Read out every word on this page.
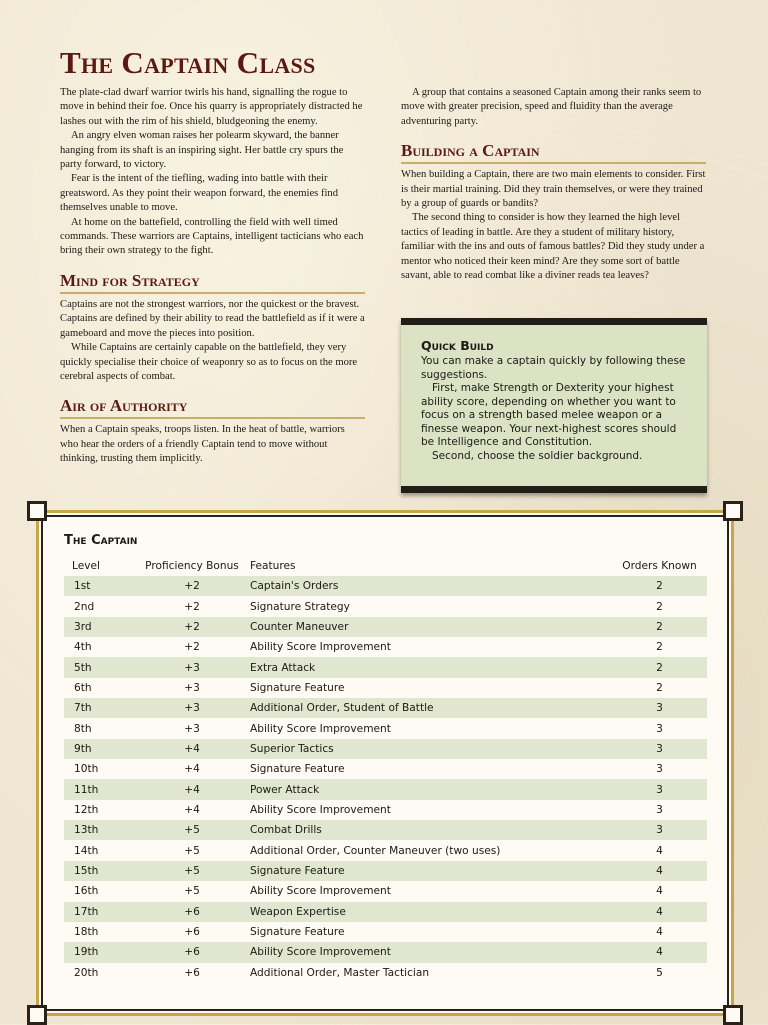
The Captain Class

The plate-clad dwarf warrior twirls his hand, signalling the rogue to move in behind their foe. Once his quarry is appropriately distracted he lashes out with the rim of his shield, bludgeoning the enemy.

An angry elven woman raises her polearm skyward, the banner hanging from its shaft is an inspiring sight. Her battle cry spurs the party forward, to victory.

Fear is the intent of the tiefling, wading into battle with their greatsword. As they point their weapon forward, the enemies find themselves unable to move.

At home on the battefield, controlling the field with well timed commands. These warriors are Captains, intelligent tacticians who each bring their own strategy to the fight.

Mind for Strategy

Captains are not the strongest warriors, nor the quickest or the bravest. Captains are defined by their ability to read the battlefield as if it were a gameboard and move the pieces into position.

While Captains are certainly capable on the battlefield, they very quickly specialise their choice of weaponry so as to focus on the more cerebral aspects of combat.

Air of Authority

When a Captain speaks, troops listen. In the heat of battle, warriors who hear the orders of a friendly Captain tend to move without thinking, trusting them implicitly.

A group that contains a seasoned Captain among their ranks seem to move with greater precision, speed and fluidity than the average adventuring party.

Building a Captain

When building a Captain, there are two main elements to consider. First is their martial training. Did they train themselves, or were they trained by a group of guards or bandits?

The second thing to consider is how they learned the high level tactics of leading in battle. Are they a student of military history, familiar with the ins and outs of famous battles? Did they study under a mentor who noticed their keen mind? Are they some sort of battle savant, able to read combat like a diviner reads tea leaves?

Quick Build

You can make a captain quickly by following these suggestions.

First, make Strength or Dexterity your highest ability score, depending on whether you want to focus on a strength based melee weapon or a finesse weapon. Your next-highest scores should be Intelligence and Constitution.

Second, choose the soldier background.

The Captain
Level	Proficiency Bonus	Features	Orders Known
1st	+2	Captain's Orders	2
2nd	+2	Signature Strategy	2
3rd	+2	Counter Maneuver	2
4th	+2	Ability Score Improvement	2
5th	+3	Extra Attack	2
6th	+3	Signature Feature	2
7th	+3	Additional Order, Student of Battle	3
8th	+3	Ability Score Improvement	3
9th	+4	Superior Tactics	3
10th	+4	Signature Feature	3
11th	+4	Power Attack	3
12th	+4	Ability Score Improvement	3
13th	+5	Combat Drills	3
14th	+5	Additional Order, Counter Maneuver (two uses)	4
15th	+5	Signature Feature	4
16th	+5	Ability Score Improvement	4
17th	+6	Weapon Expertise	4
18th	+6	Signature Feature	4
19th	+6	Ability Score Improvement	4
20th	+6	Additional Order, Master Tactician	5
